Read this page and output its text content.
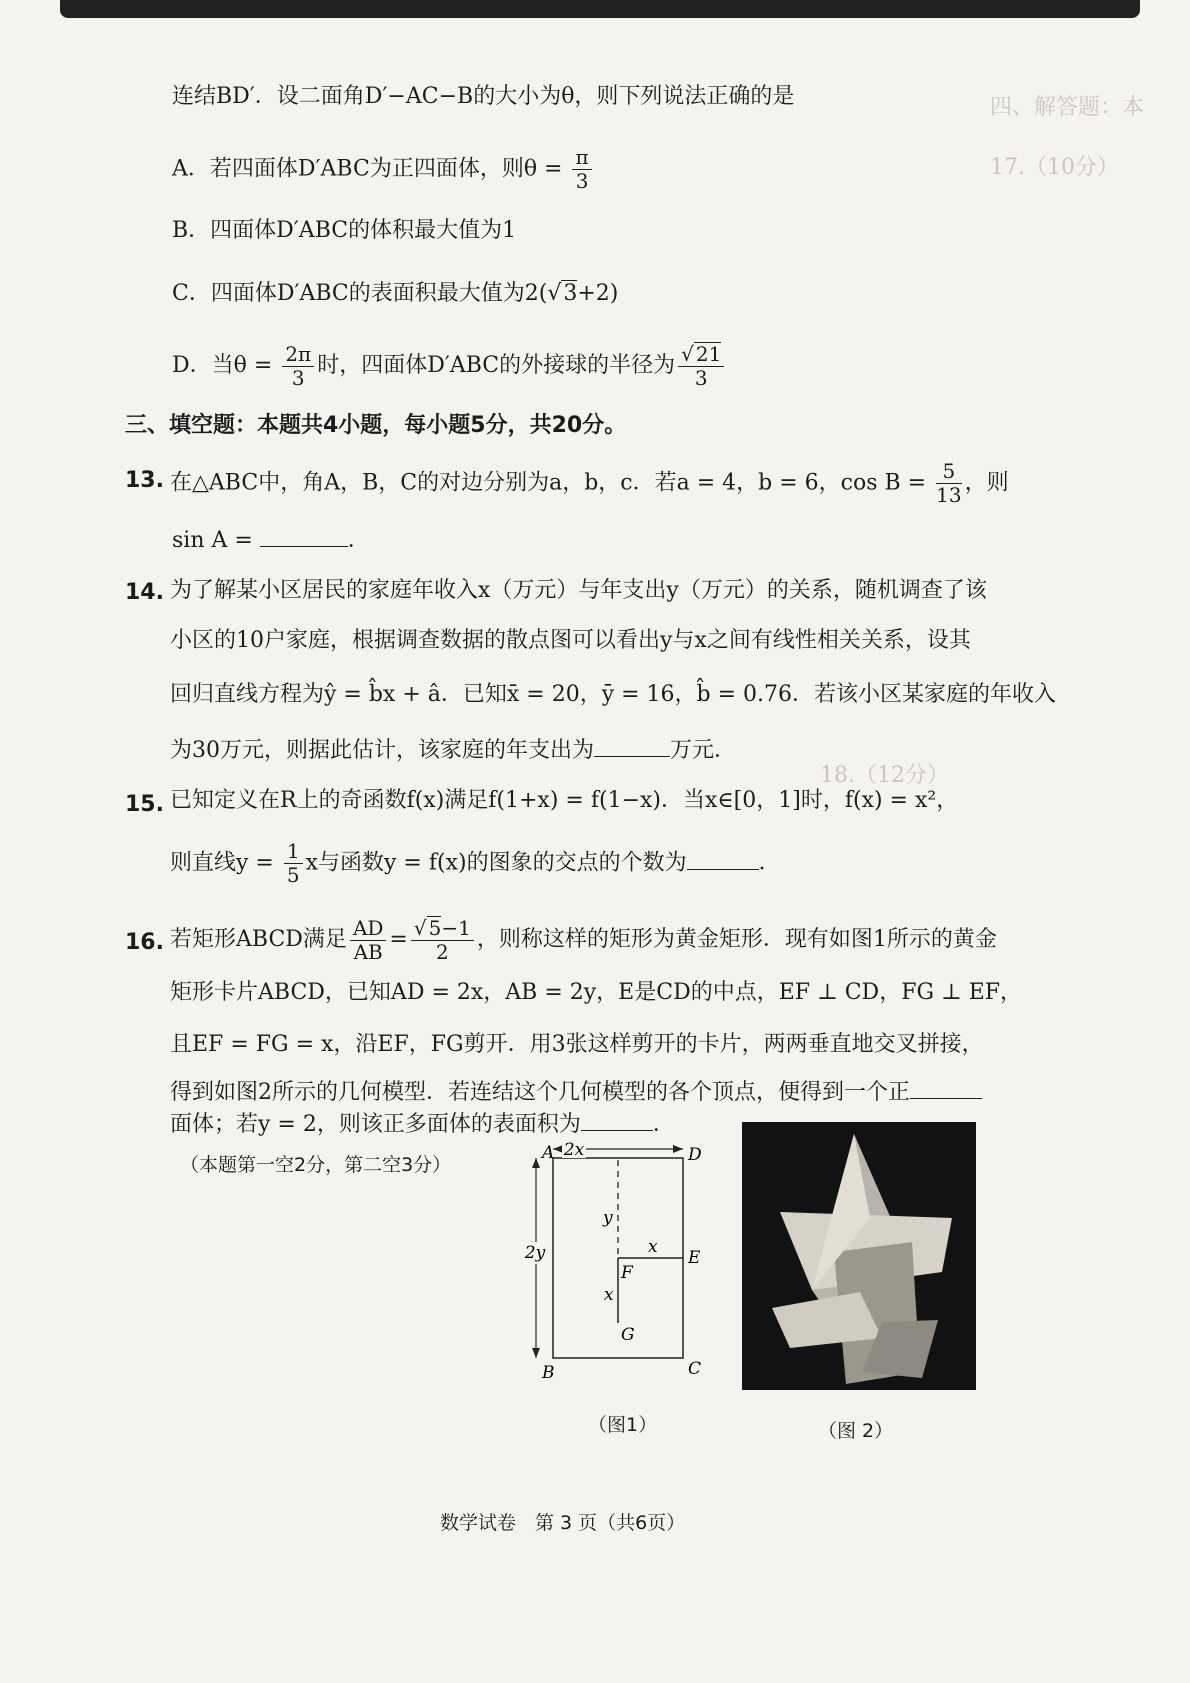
四、解答题：本
17.（10分）
18.（12分）
连结BD′．设二面角D′−AC−B的大小为θ，则下列说法正确的是
A．若四面体D′ABC为正四面体，则$\theta = \frac{\pi}{3}$
B．四面体D′ABC的体积最大值为1
C．四面体D′ABC的表面积最大值为2(√3+2)
D．当$\theta = \frac{2\pi}{3}$ 时，四面体D′ABC的外接球的半径为 $\frac{√ 21}{3}$
三、填空题：本题共4小题，每小题5分，共20分。
13. 在△ABC中，角A，B，C的对边分别为a，b，c．若a = 4，b = 6，$\cos B = \frac{5}{13}$ ，则
sin A =	．
14. 为了解某小区居民的家庭年收入x（万元）与年支出y（万元）的关系，随机调查了该
小区的10户家庭，根据调查数据的散点图可以看出y与x之间有线性相关关系，设其
回归直线方程为ŷ = b̂x + â．已知x̄ = 20，ȳ = 16，b̂ = 0.76．若该小区某家庭的年收入
为30万元，则据此估计，该家庭的年支出为	万元．
15. 已知定义在R上的奇函数f(x)满足f(1+x) = f(1−x)．当x∈[0，1]时，f(x) = x²，
则直线$y = \frac{1}{5}$ x与函数y = f(x)的图象的交点的个数为	．
16. 若矩形ABCD满足 $\frac{AD}{AB} = \frac{√ 5-1}{2}$ ，则称这样的矩形为黄金矩形．现有如图1所示的黄金
矩形卡片ABCD，已知AD = 2x，AB = 2y，E是CD的中点，EF ⊥ CD，FG ⊥ EF，
且EF = FG = x，沿EF，FG剪开．用3张这样剪开的卡片，两两垂直地交叉拼接，
得到如图2所示的几何模型．若连结这个几何模型的各个顶点，便得到一个正
面体；若y = 2，则该正多面体的表面积为	．
（本题第一空2分，第二空3分）
2x
2y
A	D
B	C
E
F
G
y
x
x
（图1）	（图 2）
数学试卷　第 3 页（共6页）
